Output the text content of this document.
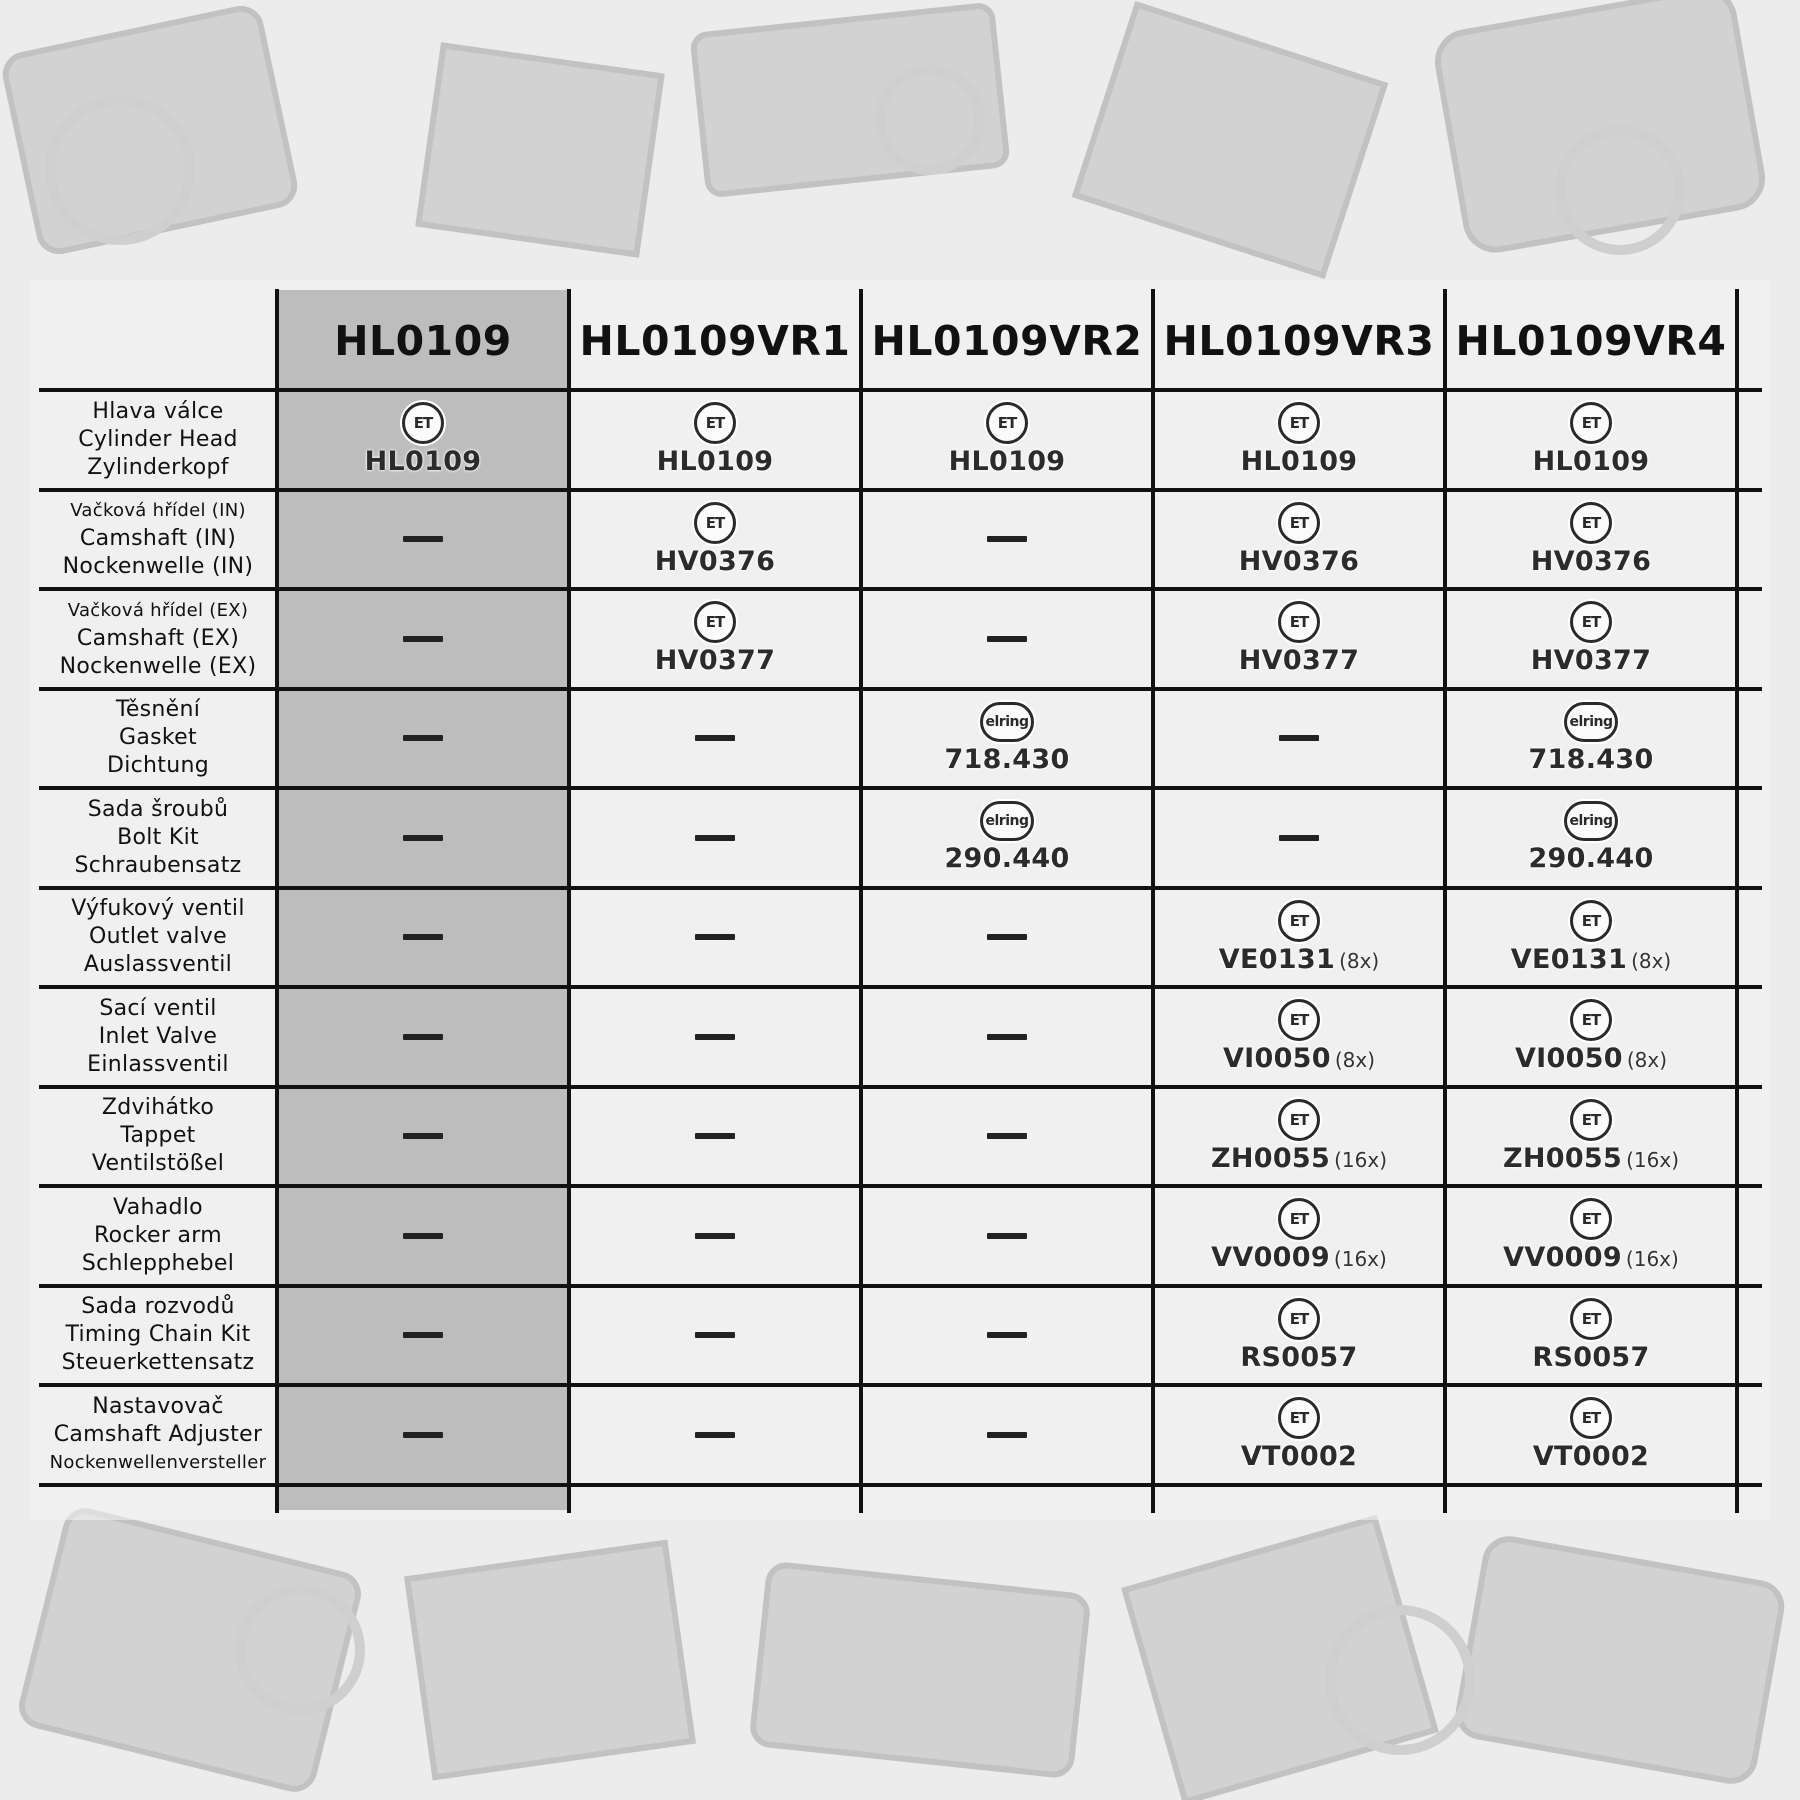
HL0109	HL0109VR1 HL0109VR2 HL0109VR3 HL0109VR4
Hlava válce
Cylinder Head
Zylinderkopf
Vačková hřídel (IN)
Camshaft (IN)
Nockenwelle (IN)
Vačková hřídel (EX)
Camshaft (EX)
Nockenwelle (EX)
Těsnění
Gasket
Dichtung
Sada šroubů
Bolt Kit
Schraubensatz
Výfukový ventil
Outlet valve
Auslassventil
Sací ventil
Inlet Valve
Einlassventil
Zdvihátko
Tappet
Ventilstößel
Vahadlo
Rocker arm
Schlepphebel
Sada rozvodů
Timing Chain Kit
Steuerkettensatz
Nastavovač
Camshaft Adjuster
Nockenwellenversteller
ET
HL0109
ET
HL0109
ET
HL0109
ET
HL0109
ET
HL0109
ET
HV0376
ET
HV0376
ET
HV0376
ET
HV0377
ET
HV0377
ET
HV0377
elring
718.430
elring
718.430
elring
290.440
elring
290.440
ET
VE0131 (8x)
ET
VE0131 (8x)
ET
VI0050 (8x)
ET
VI0050 (8x)
ET
ZH0055 (16x)
ET
ZH0055 (16x)
ET
VV0009 (16x)
ET
VV0009 (16x)
ET
RS0057
ET
RS0057
ET
VT0002
ET
VT0002
